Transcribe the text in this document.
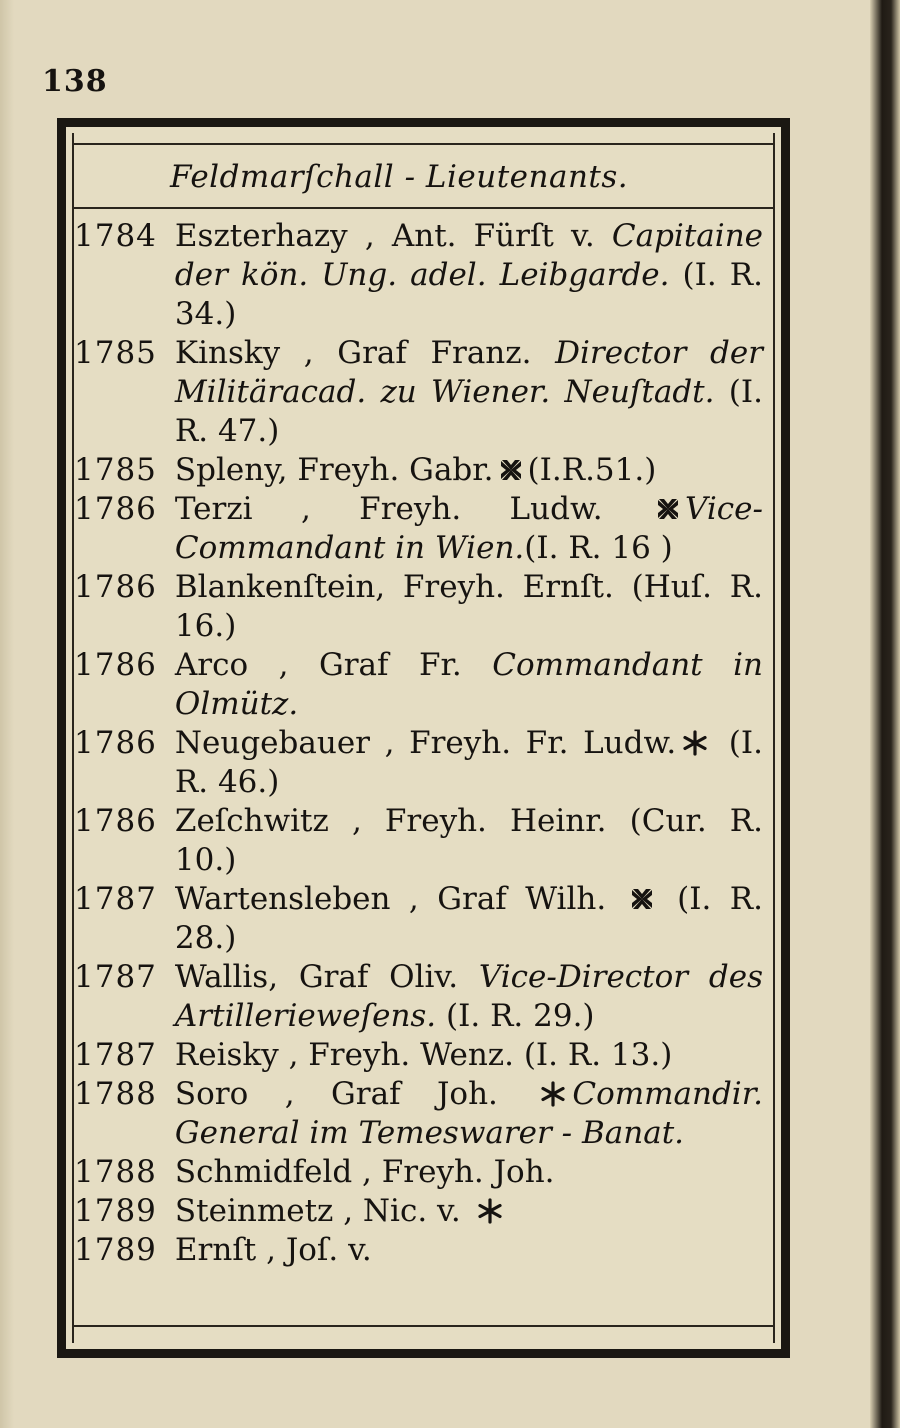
138
Feldmarſchall - Lieutenants.
1784 Eszterhazy , Ant. Fürſt v. Capitaine der kön. Ung. adel. Leibgarde. (I. R. 34.)
1785 Kinsky , Graf Franz. Director der Militäracad. zu Wiener. Neuſtadt. (I. R. 47.)
1785 Spleny, Freyh. Gabr. (I.R.51.)
1786 Terzi , Freyh. Ludw. Vice-Commandant in Wien.(I. R. 16 )
1786 Blankenſtein, Freyh. Ernſt. (Huſ. R. 16.)
1786 Arco , Graf Fr. Commandant in Olmütz.
1786 Neugebauer , Freyh. Fr. Ludw. (I. R. 46.)
1786 Zeſchwitz , Freyh. Heinr. (Cur. R. 10.)
1787 Wartensleben , Graf Wilh.  (I. R. 28.)
1787 Wallis, Graf Oliv. Vice-Director des Artillerieweſens. (I. R. 29.)
1787 Reisky , Freyh. Wenz. (I. R. 13.)
1788 Soro , Graf Joh. Commandir. General im Temeswarer - Banat.
1788 Schmidfeld , Freyh. Joh.
1789 Steinmetz , Nic. v.
1789 Ernſt , Joſ. v.
